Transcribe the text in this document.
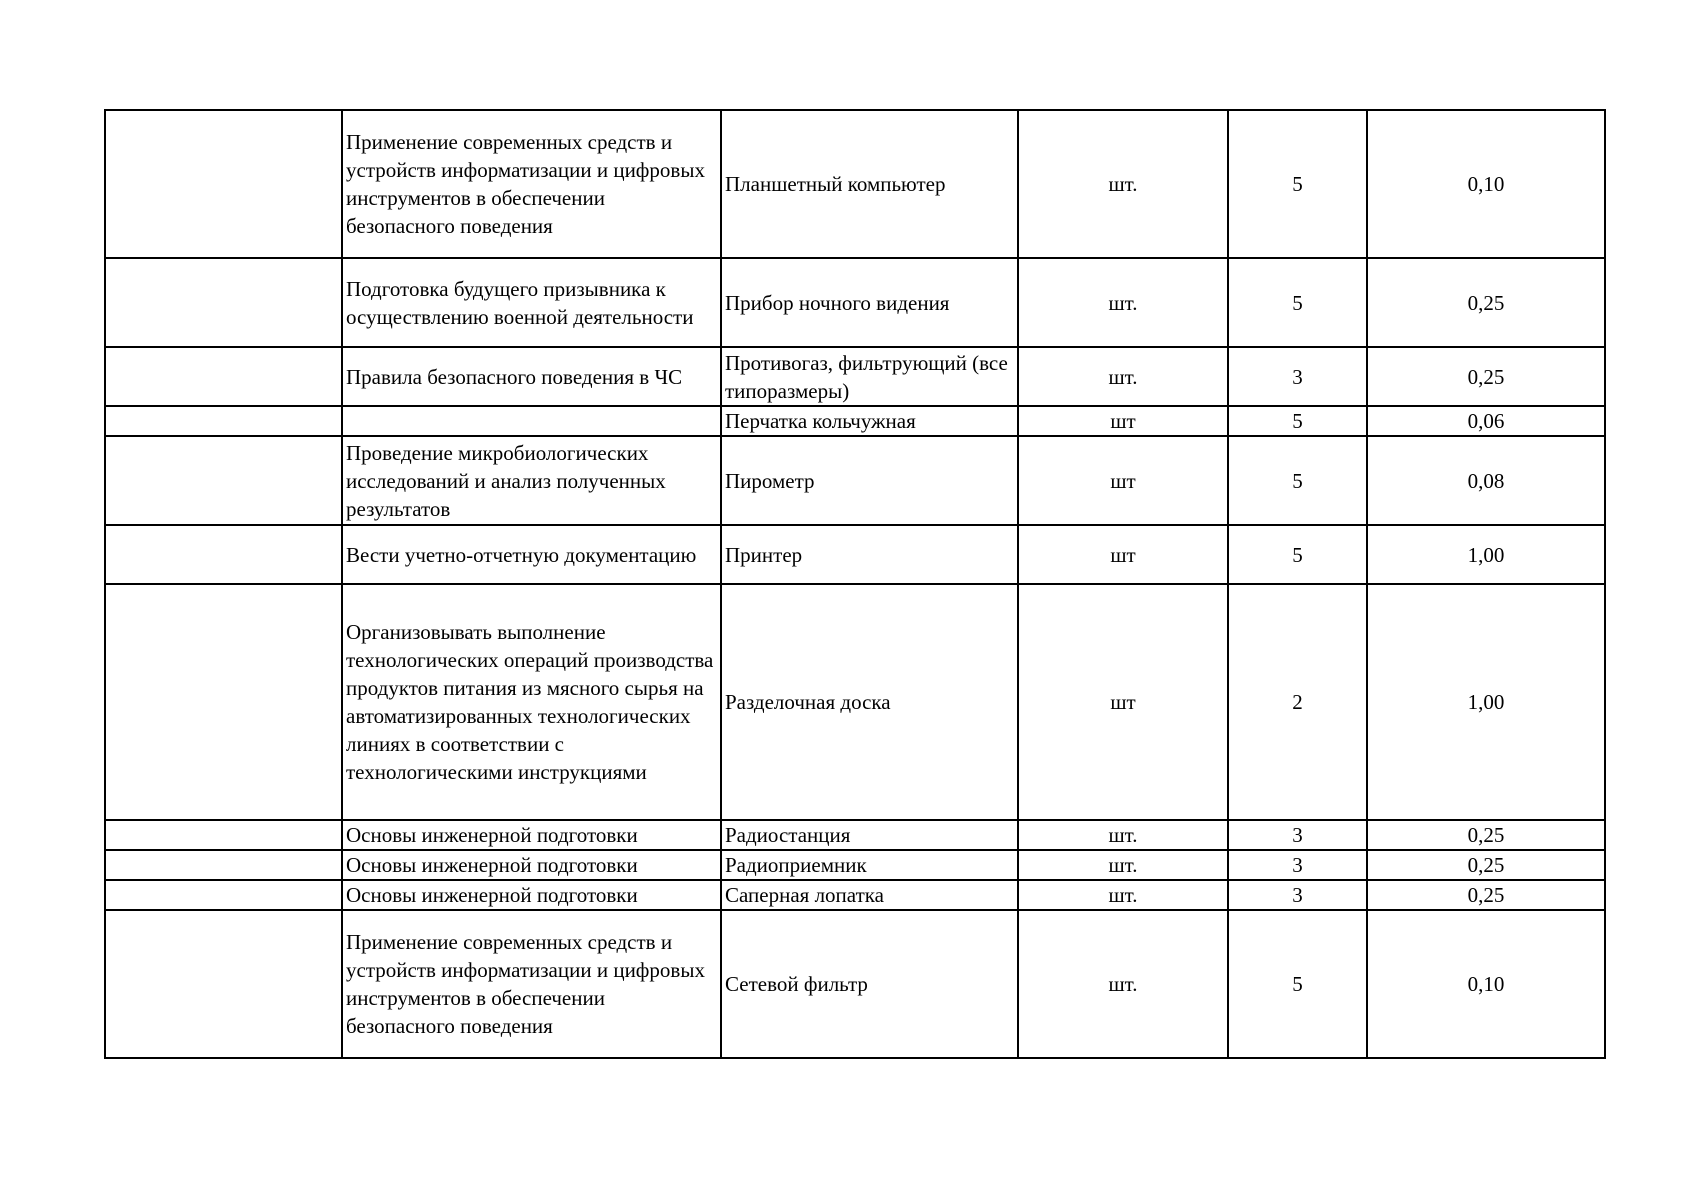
	Применение современных средств и устройств информатизации и цифровых инструментов в обеспечении безопасного поведения	Планшетный компьютер	шт.	5	0,10
	Подготовка будущего призывника к осуществлению военной деятельности	Прибор ночного видения	шт.	5	0,25
	Правила безопасного поведения в ЧС	Противогаз, фильтрующий (все типоразмеры)	шт.	3	0,25
		Перчатка кольчужная	шт	5	0,06
	Проведение микробиологических исследований и анализ полученных результатов	Пирометр	шт	5	0,08
	Вести учетно-отчетную документацию	Принтер	шт	5	1,00
	Организовывать выполнение технологических операций производства продуктов питания из мясного сырья на автоматизированных технологических линиях в соответствии с технологическими инструкциями	Разделочная доска	шт	2	1,00
	Основы инженерной подготовки	Радиостанция	шт.	3	0,25
	Основы инженерной подготовки	Радиоприемник	шт.	3	0,25
	Основы инженерной подготовки	Саперная лопатка	шт.	3	0,25
	Применение современных средств и устройств информатизации и цифровых инструментов в обеспечении безопасного поведения	Сетевой фильтр	шт.	5	0,10
